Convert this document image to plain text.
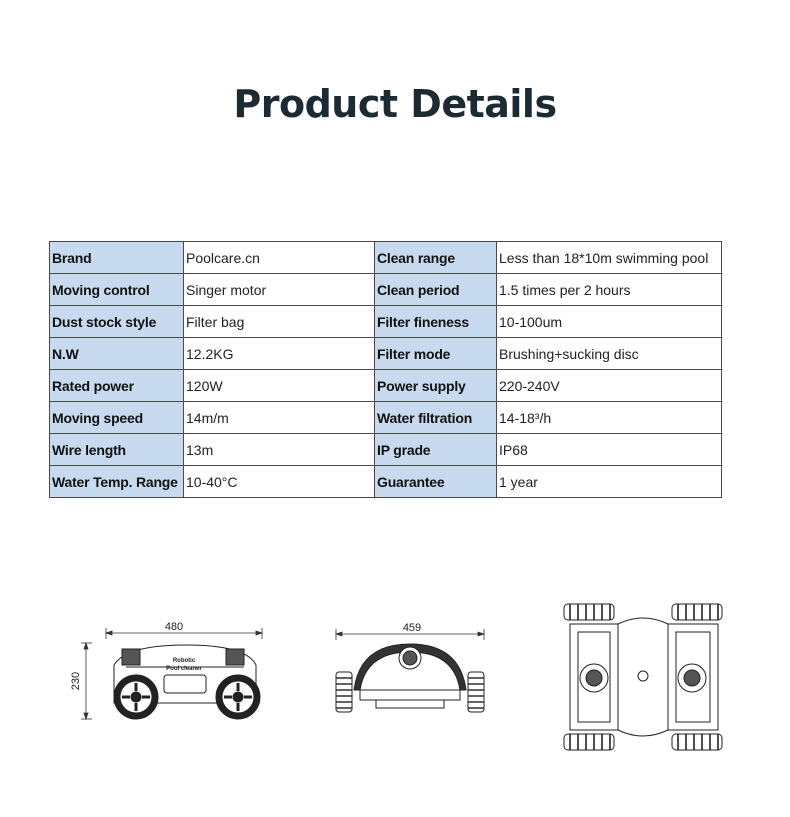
Product Details
Brand	Poolcare.cn	Clean range	Less than 18*10m swimming pool
Moving control	Singer motor	Clean period	1.5 times per 2 hours
Dust stock style	Filter bag	Filter fineness	10-100um
N.W	12.2KG	Filter mode	Brushing+sucking disc
Rated power	120W	Power supply	220-240V
Moving speed	14m/m	Water filtration	14-18³/h
Wire length	13m	IP grade	IP68
Water Temp. Range	10-40°C	Guarantee	1 year
480
230
Robotic
Pool cleaner
459
